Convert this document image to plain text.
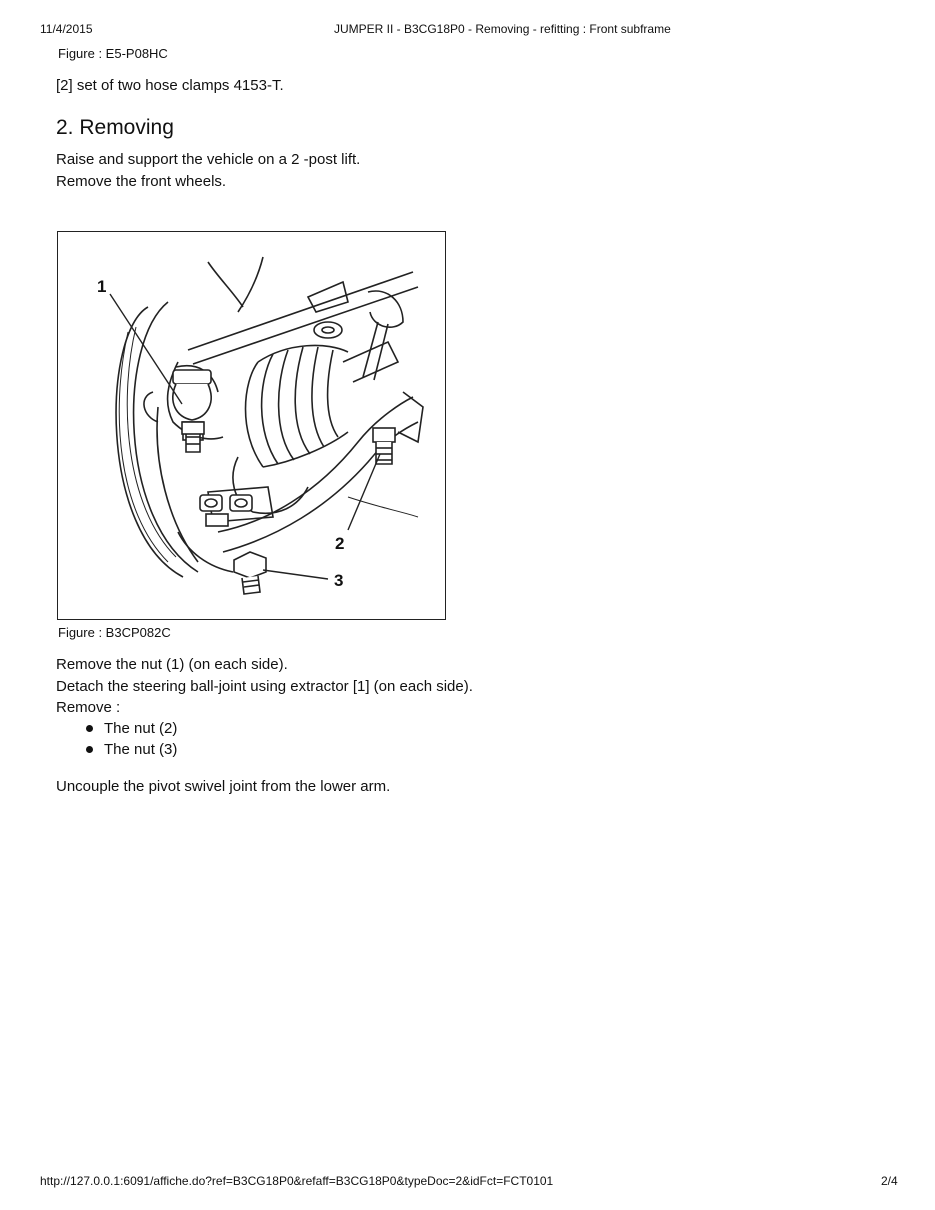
11/4/2015	JUMPER II - B3CG18P0 - Removing - refitting : Front subframe
Figure : E5-P08HC
[2] set of two hose clamps 4153-T.
2. Removing
Raise and support the vehicle on a 2 -post lift.
Remove the front wheels.
1
2
3
Figure : B3CP082C
Remove the nut (1) (on each side).
Detach the steering ball-joint using extractor [1] (on each side).
Remove :
The nut (2)
The nut (3)
Uncouple the pivot swivel joint from the lower arm.
http://127.0.0.1:6091/affiche.do?ref=B3CG18P0&refaff=B3CG18P0&typeDoc=2&idFct=FCT0101	2/4
